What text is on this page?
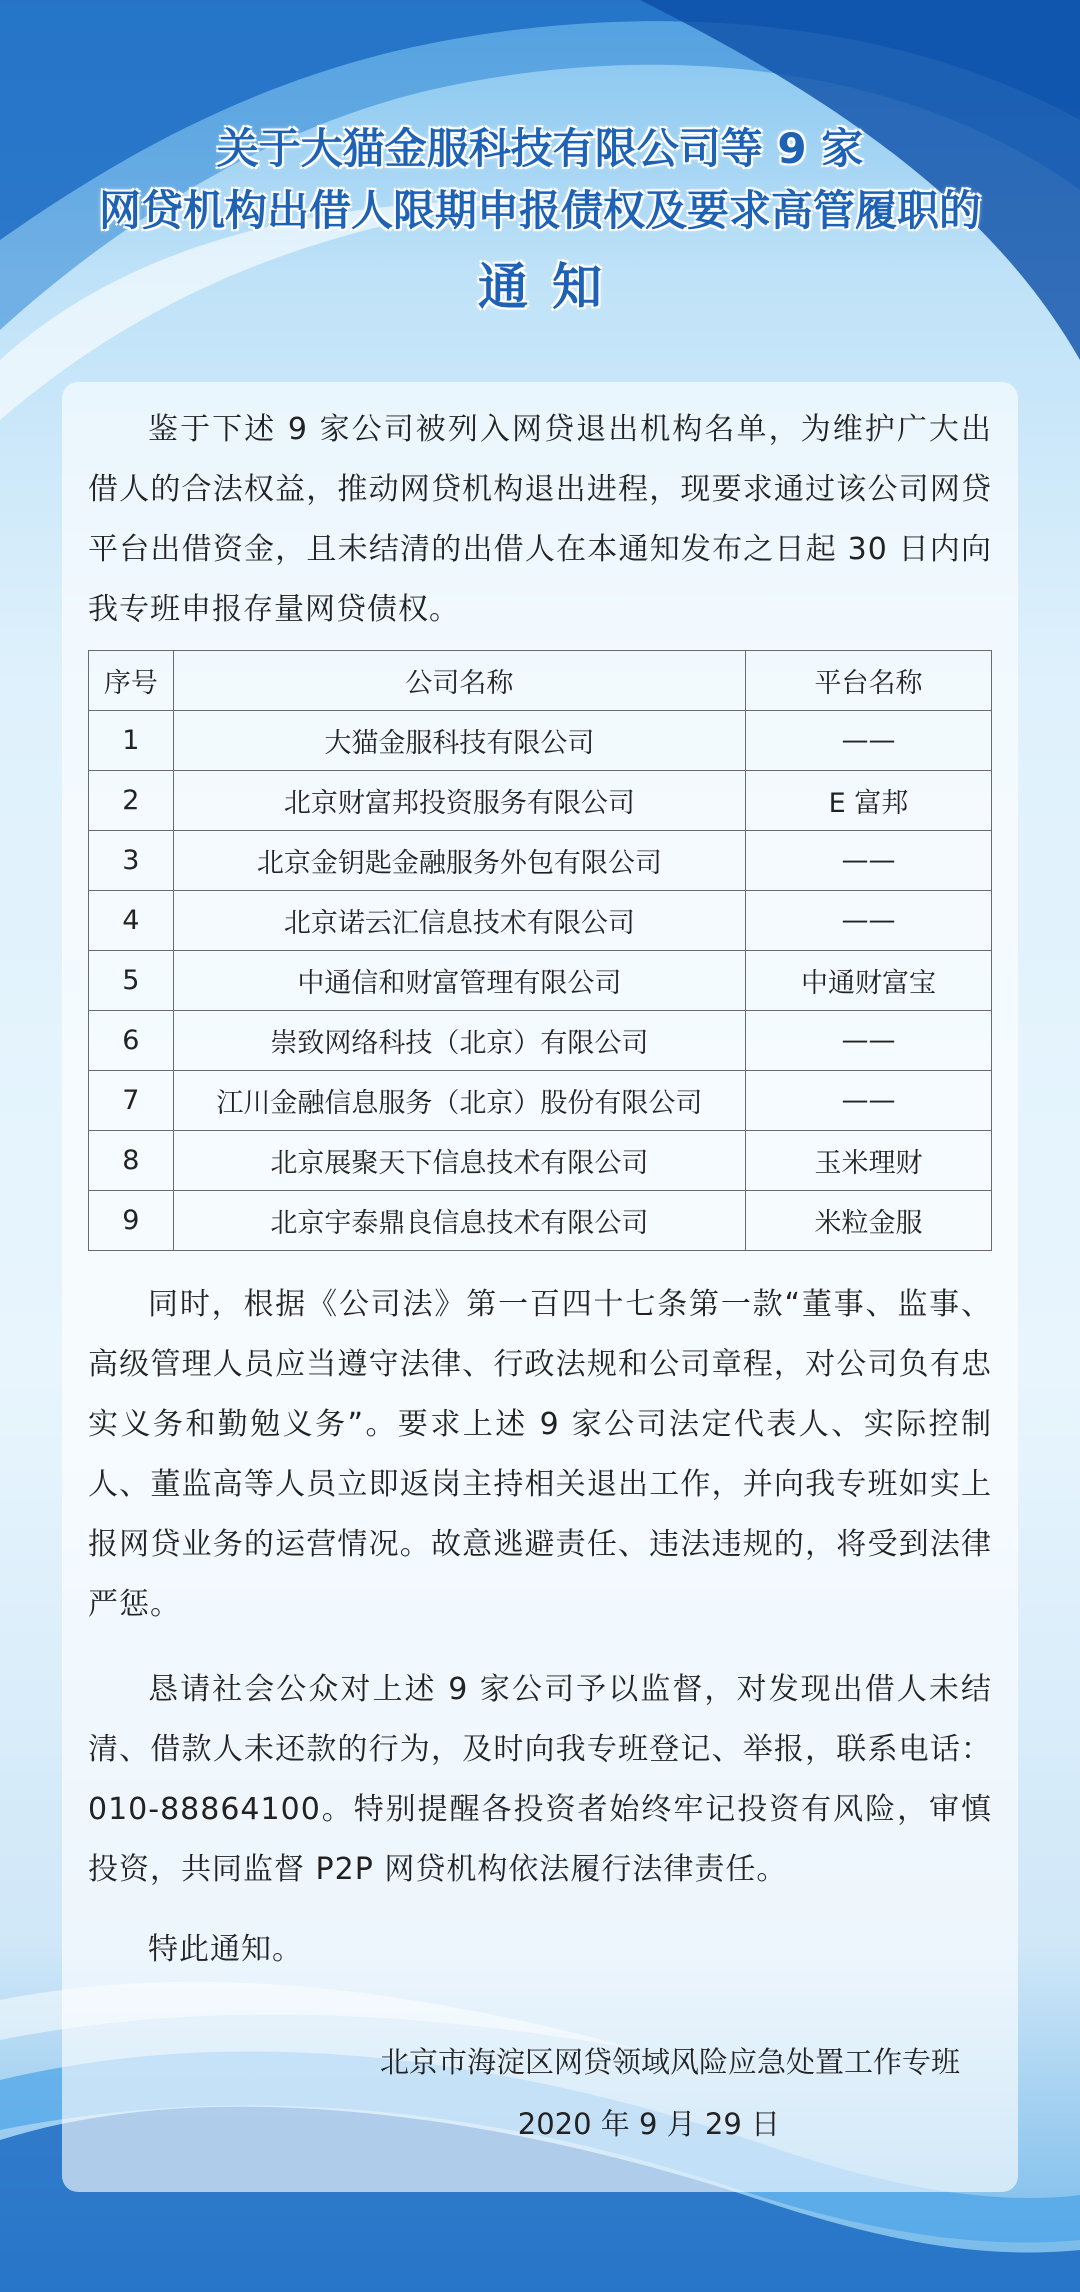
关于大猫金服科技有限公司等 9 家
网贷机构出借人限期申报债权及要求高管履职的
通知

鉴于下述 9 家公司被列入网贷退出机构名单，为维护广大出借人的合法权益，推动网贷机构退出进程，现要求通过该公司网贷平台出借资金，且未结清的出借人在本通知发布之日起 30 日内向我专班申报存量网贷债权。

序号	公司名称	平台名称
1	大猫金服科技有限公司	——
2	北京财富邦投资服务有限公司	E 富邦
3	北京金钥匙金融服务外包有限公司	——
4	北京诺云汇信息技术有限公司	——
5	中通信和财富管理有限公司	中通财富宝
6	崇致网络科技（北京）有限公司	——
7	江川金融信息服务（北京）股份有限公司	——
8	北京展聚天下信息技术有限公司	玉米理财
9	北京宇泰鼎良信息技术有限公司	米粒金服

同时，根据《公司法》第一百四十七条第一款“董事、监事、高级管理人员应当遵守法律、行政法规和公司章程，对公司负有忠实义务和勤勉义务”。要求上述 9 家公司法定代表人、实际控制人、董监高等人员立即返岗主持相关退出工作，并向我专班如实上报网贷业务的运营情况。故意逃避责任、违法违规的，将受到法律严惩。

恳请社会公众对上述 9 家公司予以监督，对发现出借人未结清、借款人未还款的行为，及时向我专班登记、举报，联系电话：010-88864100。特别提醒各投资者始终牢记投资有风险，审慎投资，共同监督 P2P 网贷机构依法履行法律责任。

特此通知。

北京市海淀区网贷领域风险应急处置工作专班
2020 年 9 月 29 日
